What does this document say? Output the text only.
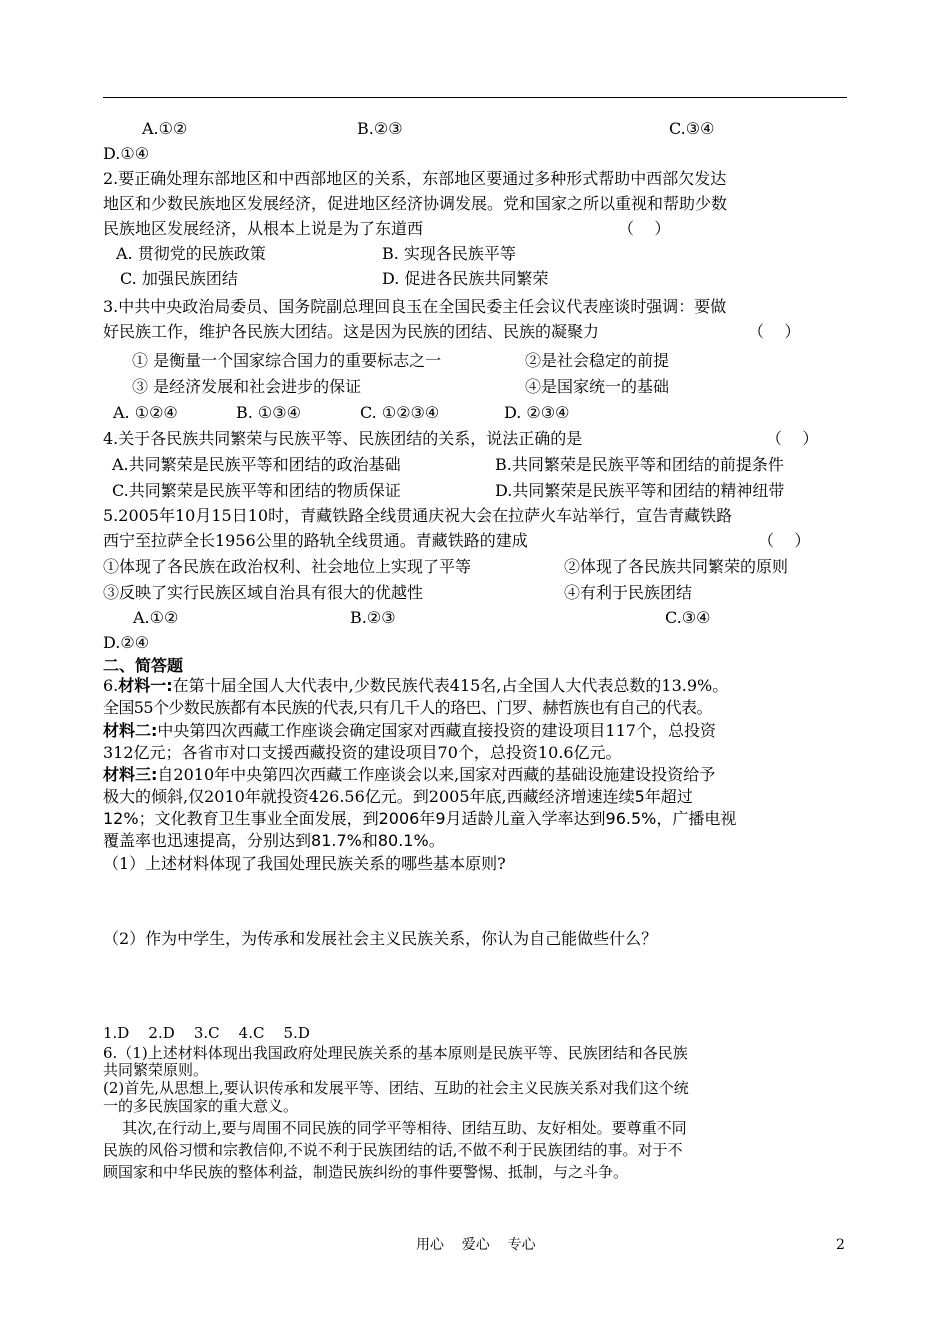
A.①②	B.②③	C.③④
D.①④
2.要正确处理东部地区和中西部地区的关系，东部地区要通过多种形式帮助中西部欠发达
地区和少数民族地区发展经济，促进地区经济协调发展。党和国家之所以重视和帮助少数
民族地区发展经济，从根本上说是为了东道西	（    ）
A. 贯彻党的民族政策	B. 实现各民族平等
C. 加强民族团结	D. 促进各民族共同繁荣
3.中共中央政治局委员、国务院副总理回良玉在全国民委主任会议代表座谈时强调：要做
好民族工作，维护各民族大团结。这是因为民族的团结、民族的凝聚力	（    ）
① 是衡量一个国家综合国力的重要标志之一	②是社会稳定的前提
③ 是经济发展和社会进步的保证	④是国家统一的基础
A. ①②④	B. ①③④	C. ①②③④	D. ②③④
4.关于各民族共同繁荣与民族平等、民族团结的关系，说法正确的是	（    ）
A.共同繁荣是民族平等和团结的政治基础	B.共同繁荣是民族平等和团结的前提条件
C.共同繁荣是民族平等和团结的物质保证	D.共同繁荣是民族平等和团结的精神纽带
5.2005年10月15日10时，青藏铁路全线贯通庆祝大会在拉萨火车站举行，宣告青藏铁路
西宁至拉萨全长1956公里的路轨全线贯通。青藏铁路的建成	（    ）
①体现了各民族在政治权利、社会地位上实现了平等	②体现了各民族共同繁荣的原则
③反映了实行民族区域自治具有很大的优越性	④有利于民族团结
A.①②	B.②③	C.③④
D.②④
二、简答题
6.材料一:在第十届全国人大代表中,少数民族代表415名,占全国人大代表总数的13.9%。
全国55个少数民族都有本民族的代表,只有几千人的珞巴、门罗、赫哲族也有自己的代表。
材料二:中央第四次西藏工作座谈会确定国家对西藏直接投资的建设项目117个，总投资
312亿元；各省市对口支援西藏投资的建设项目70个，总投资10.6亿元。
材料三:自2010年中央第四次西藏工作座谈会以来,国家对西藏的基础设施建设投资给予
极大的倾斜,仅2010年就投资426.56亿元。到2005年底,西藏经济增速连续5年超过
12%；文化教育卫生事业全面发展，到2006年9月适龄儿童入学率达到96.5%，广播电视
覆盖率也迅速提高，分别达到81.7%和80.1%。
（1）上述材料体现了我国处理民族关系的哪些基本原则?
（2）作为中学生，为传承和发展社会主义民族关系，你认为自己能做些什么？
1.D    2.D    3.C    4.C    5.D
6.（1)上述材料体现出我国政府处理民族关系的基本原则是民族平等、民族团结和各民族
共同繁荣原则。
(2)首先,从思想上,要认识传承和发展平等、团结、互助的社会主义民族关系对我们这个统
一的多民族国家的重大意义。
其次,在行动上,要与周围不同民族的同学平等相待、团结互助、友好相处。要尊重不同
民族的风俗习惯和宗教信仰,不说不利于民族团结的话,不做不利于民族团结的事。对于不
顾国家和中华民族的整体利益，制造民族纠纷的事件要警惕、抵制，与之斗争。
用心    爱心    专心	2
